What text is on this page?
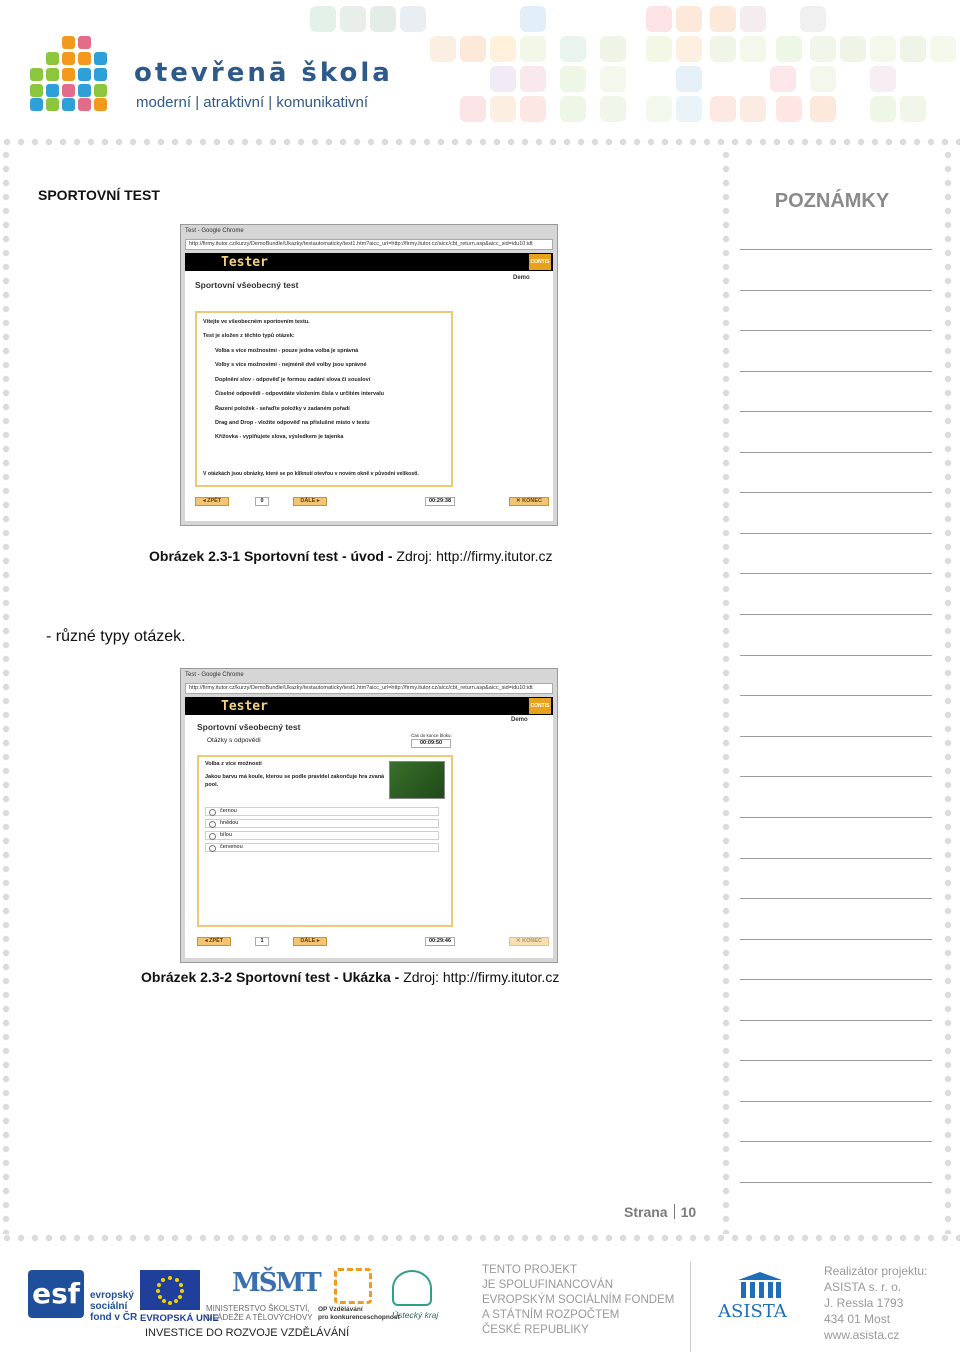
otevřenā škola
moderní | atraktivní | komunikativní
SPORTOVNÍ TEST	POZNÁMKY
Test - Google Chrome
http://firmy.itutor.cz/kurzy/DemoBundle/Ukazky/testautomaticky/test1.htm?aicc_url=http://firmy.itutor.cz/aicc/cbt_return.asp&aicc_sid=idu10:idt
Tester	CONTIS
Sportovní všeobecný test
Demo
Vítejte ve všeobecném sportovním testu.
Test je složen z těchto typů otázek:
Volba s více možnostmi - pouze jedna volba je správná
Volby s více možnostmi - nejméně dvě volby jsou správné
Doplnění slov - odpověď je formou zadání slova či sousloví
Číselné odpovědi - odpovídáte vložením čísla v určitém intervalu
Řazení položek - seřaďte položky v zadaném pořadí
Drag and Drop - vložíte odpověď na příslušné místo v textu
Křížovka - vyplňujete slova, výsledkem je tajenka
V otázkách jsou obrázky, které se po kliknutí otevřou v novém okně v původní velikosti.
◂ ZPĚT	0	DÁLE ▸	00:29:38	✕ KONEC
Obrázek 2.3-1 Sportovní test - úvod - Zdroj: http://firmy.itutor.cz
- různé typy otázek.
Test - Google Chrome
http://firmy.itutor.cz/kurzy/DemoBundle/Ukazky/testautomaticky/test1.htm?aicc_url=http://firmy.itutor.cz/aicc/cbt_return.asp&aicc_sid=idu10:idt
Tester	CONTIS
Sportovní všeobecný test
Otázky s odpovědí
Demo
Čas do konce bloku:
00:09:50
Volba z více možností
Jakou barvu má koule, kterou se podle pravidel zakončuje hra zvaná pool.
černou
hnědou
bílou
červenou
◂ ZPĚT	1	DÁLE ▸	00:29:46	✕ KONEC
Obrázek 2.3-2 Sportovní test - Ukázka - Zdroj: http://firmy.itutor.cz
Strana 10
esf	evropský
sociální
fond v ČR EVROPSKÁ UNIE
MŠMT
MINISTERSTVO ŠKOLSTVÍ,
MLÁDEŽE A TĚLOVÝCHOVY
OP Vzdělávání
pro konkurenceschopnost
Ústecký kraj
INVESTICE DO ROZVOJE VZDĚLÁVÁNÍ
TENTO PROJEKT
JE SPOLUFINANCOVÁN
EVROPSKÝM SOCIÁLNÍM FONDEM
A STÁTNÍM ROZPOČTEM
ČESKÉ REPUBLIKY
ASISTA
Realizátor projektu:
ASISTA s. r. o.
J. Ressla 1793
434 01 Most
www.asista.cz
